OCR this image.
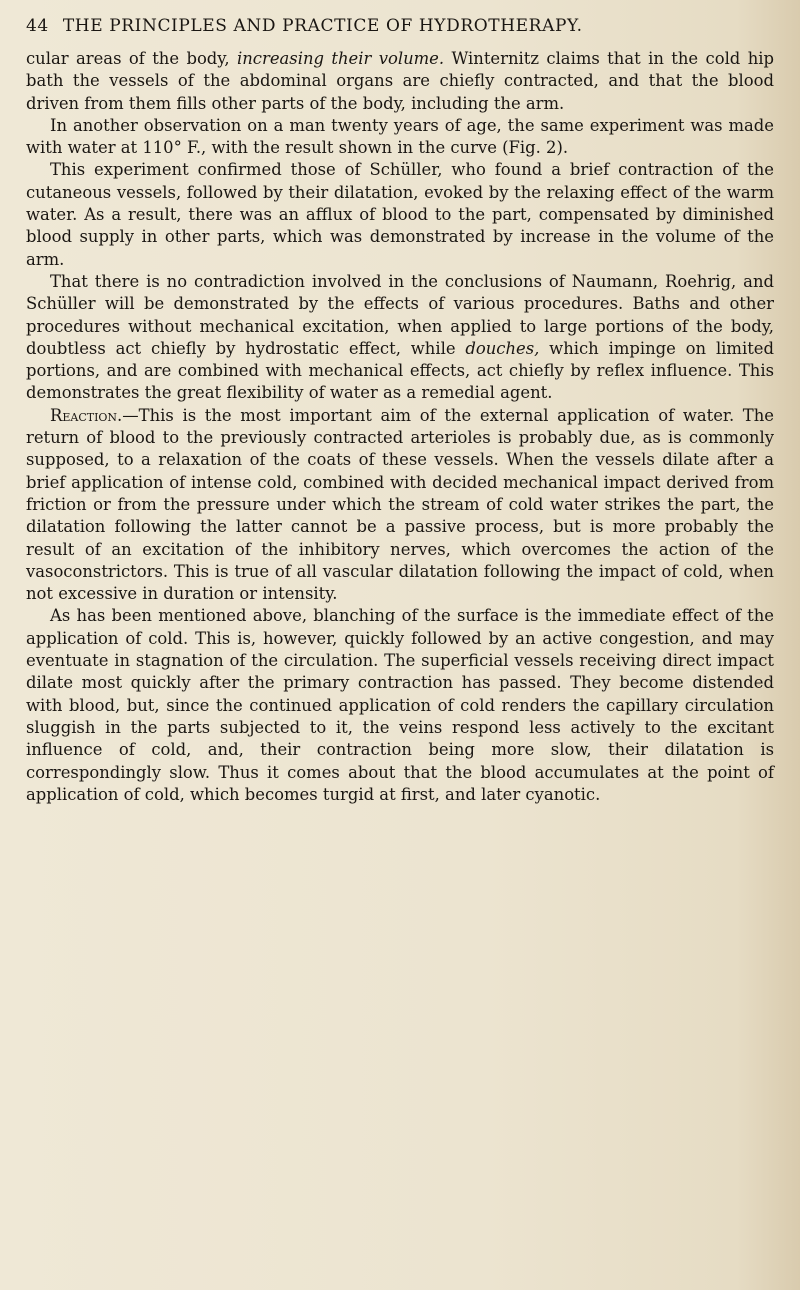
44 THE PRINCIPLES AND PRACTICE OF HYDROTHERAPY.

cular areas of the body, increasing their volume. Winternitz claims that in the cold hip bath the vessels of the abdominal organs are chiefly contracted, and that the blood driven from them fills other parts of the body, including the arm.

In another observation on a man twenty years of age, the same experiment was made with water at 110° F., with the result shown in the curve (Fig. 2).

This experiment confirmed those of Schüller, who found a brief contraction of the cutaneous vessels, followed by their dilatation, evoked by the relaxing effect of the warm water. As a result, there was an afflux of blood to the part, compensated by diminished blood supply in other parts, which was demonstrated by increase in the volume of the arm.

That there is no contradiction involved in the conclusions of Naumann, Roehrig, and Schüller will be demonstrated by the effects of various procedures. Baths and other procedures without mechanical excitation, when applied to large portions of the body, doubtless act chiefly by hydrostatic effect, while douches, which impinge on limited portions, and are combined with mechanical effects, act chiefly by reflex influence. This demonstrates the great flexibility of water as a remedial agent.

Reaction.—This is the most important aim of the external application of water. The return of blood to the previously contracted arterioles is probably due, as is commonly supposed, to a relaxation of the coats of these vessels. When the vessels dilate after a brief application of intense cold, combined with decided mechanical impact derived from friction or from the pressure under which the stream of cold water strikes the part, the dilatation following the latter cannot be a passive process, but is more probably the result of an excitation of the inhibitory nerves, which overcomes the action of the vasoconstrictors. This is true of all vascular dilatation following the impact of cold, when not excessive in duration or intensity.

As has been mentioned above, blanching of the surface is the immediate effect of the application of cold. This is, however, quickly followed by an active congestion, and may eventuate in stagnation of the circulation. The superficial vessels receiving direct impact dilate most quickly after the primary contraction has passed. They become distended with blood, but, since the continued application of cold renders the capillary circulation sluggish in the parts subjected to it, the veins respond less actively to the excitant influence of cold, and, their contraction being more slow, their dilatation is correspondingly slow. Thus it comes about that the blood accumulates at the point of application of cold, which becomes turgid at first, and later cyanotic.
